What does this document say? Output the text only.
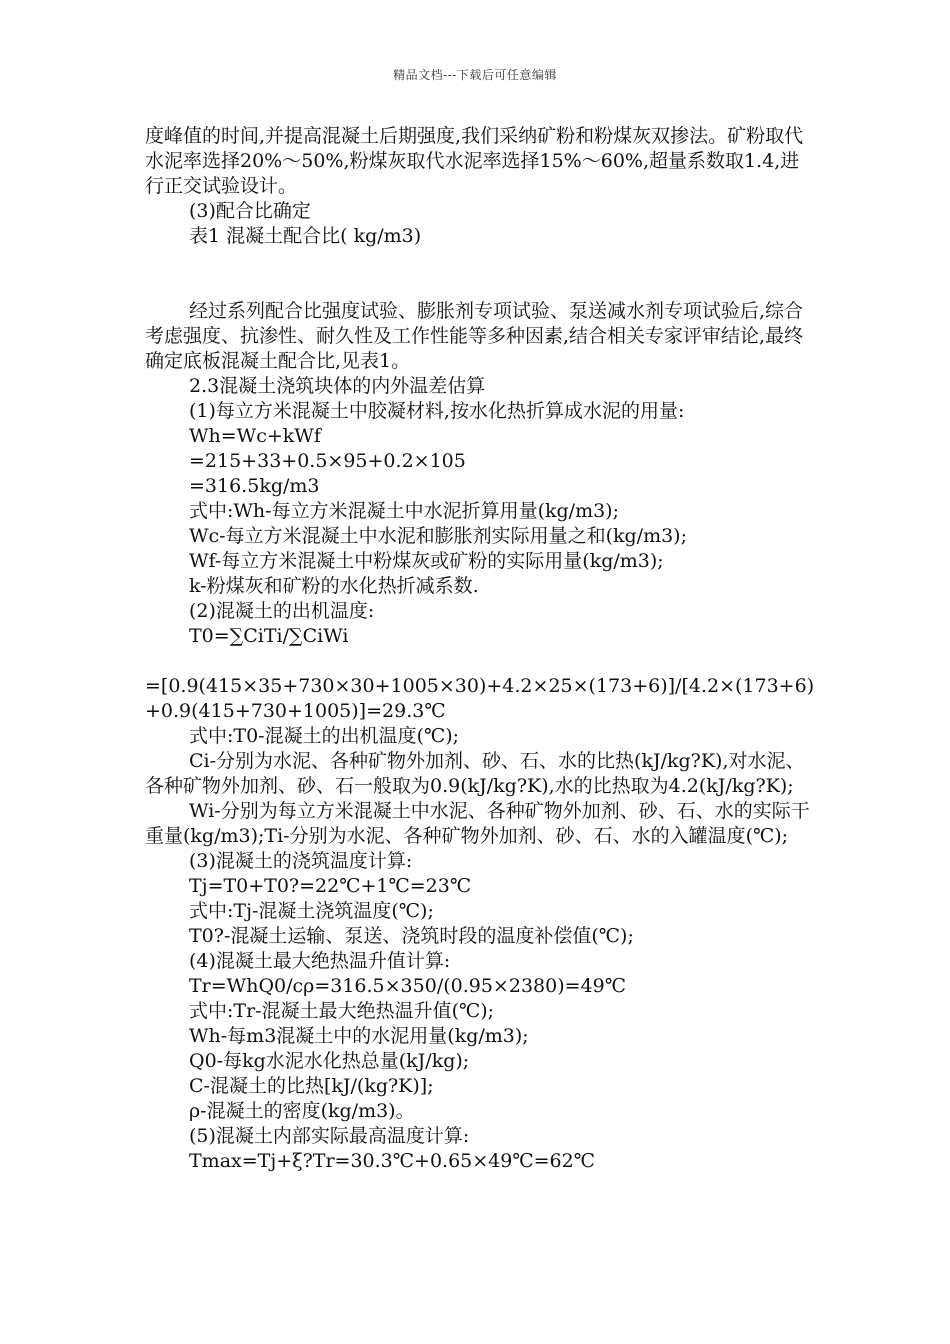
精品文档---下载后可任意编辑

度峰值的时间,并提高混凝土后期强度,我们采纳矿粉和粉煤灰双掺法。矿粉取代水泥率选择20%～50%,粉煤灰取代水泥率选择15%～60%,超量系数取1.4,进行正交试验设计。

(3)配合比确定

表1 混凝土配合比( kg/m3)

经过系列配合比强度试验、膨胀剂专项试验、泵送减水剂专项试验后,综合考虑强度、抗渗性、耐久性及工作性能等多种因素,结合相关专家评审结论,最终确定底板混凝土配合比,见表1。

2.3混凝土浇筑块体的内外温差估算

(1)每立方米混凝土中胶凝材料,按水化热折算成水泥的用量:

Wh=Wc+kWf

=215+33+0.5×95+0.2×105

=316.5kg/m3

式中:Wh-每立方米混凝土中水泥折算用量(kg/m3);

Wc-每立方米混凝土中水泥和膨胀剂实际用量之和(kg/m3);

Wf-每立方米混凝土中粉煤灰或矿粉的实际用量(kg/m3);

k-粉煤灰和矿粉的水化热折减系数.

(2)混凝土的出机温度:

T0=∑CiTi/∑CiWi

=[0.9(415×35+730×30+1005×30)+4.2×25×(173+6)]/[4.2×(173+6)+0.9(415+730+1005)]=29.3℃

式中:T0-混凝土的出机温度(℃);

Ci-分别为水泥、各种矿物外加剂、砂、石、水的比热(kJ/kg?K),对水泥、各种矿物外加剂、砂、石一般取为0.9(kJ/kg?K),水的比热取为4.2(kJ/kg?K);

Wi-分别为每立方米混凝土中水泥、各种矿物外加剂、砂、石、水的实际干重量(kg/m3);Ti-分别为水泥、各种矿物外加剂、砂、石、水的入罐温度(℃);

(3)混凝土的浇筑温度计算:

Tj=T0+T0?=22℃+1℃=23℃

式中:Tj-混凝土浇筑温度(℃);

T0?-混凝土运输、泵送、浇筑时段的温度补偿值(℃);

(4)混凝土最大绝热温升值计算:

Tr=WhQ0/cρ=316.5×350/(0.95×2380)=49℃

式中:Tr-混凝土最大绝热温升值(℃);

Wh-每m3混凝土中的水泥用量(kg/m3);

Q0-每kg水泥水化热总量(kJ/kg);

C-混凝土的比热[kJ/(kg?K)];

ρ-混凝土的密度(kg/m3)。

(5)混凝土内部实际最高温度计算:

Tmax=Tj+ξ?Tr=30.3℃+0.65×49℃=62℃
